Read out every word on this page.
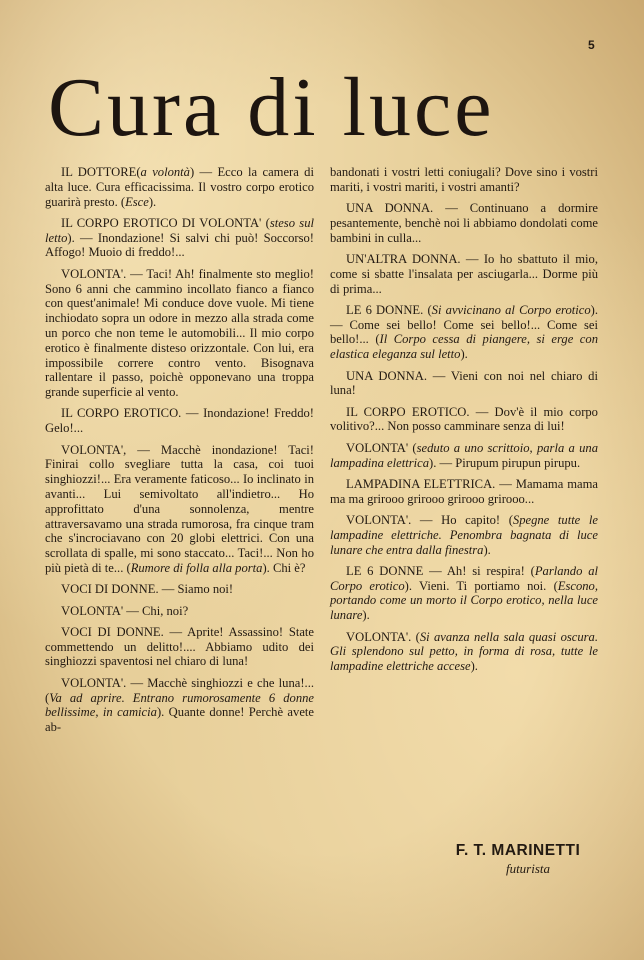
5
Cura di luce

IL DOTTORE(a volontà) — Ecco la camera di alta luce. Cura efficacissima. Il vostro corpo erotico guarirà presto. (Esce).

IL CORPO EROTICO DI VOLONTA' (steso sul letto). — Inondazione! Si salvi chi può! Soccorso! Affogo! Muoio di freddo!...

VOLONTA'. — Taci! Ah! finalmente sto meglio! Sono 6 anni che cammino incollato fianco a fianco con quest'animale! Mi conduce dove vuole. Mi tiene inchiodato sopra un odore in mezzo alla strada come un porco che non teme le automobili... Il mio corpo erotico è finalmente disteso orizzontale. Con lui, era impossibile correre contro vento. Bisognava rallentare il passo, poichè opponevano una troppa grande superficie al vento.

IL CORPO EROTICO. — Inondazione! Freddo! Gelo!...

VOLONTA', — Macchè inondazione! Taci! Finirai collo svegliare tutta la casa, coi tuoi singhiozzi!... Era veramente faticoso... Io inclinato in avanti... Lui semivoltato all'indietro... Ho approfittato d'una sonnolenza, mentre attraversavamo una strada rumorosa, fra cinque tram che s'incrociavano con 20 globi elettrici. Con una scrollata di spalle, mi sono staccato... Taci!... Non ho più pietà di te... (Rumore di folla alla porta). Chi è?

VOCI DI DONNE. — Siamo noi!

VOLONTA' — Chi, noi?

VOCI DI DONNE. — Aprite! Assassino! State commettendo un delitto!.... Abbiamo udito dei singhiozzi spaventosi nel chiaro di luna!

VOLONTA'. — Macchè singhiozzi e che luna!... (Va ad aprire. Entrano rumorosamente 6 donne bellissime, in camicia). Quante donne! Perchè avete ab-

bandonati i vostri letti coniugali? Dove sino i vostri mariti, i vostri mariti, i vostri amanti?

UNA DONNA. — Continuano a dormire pesantemente, benchè noi li abbiamo dondolati come bambini in culla...

UN'ALTRA DONNA. — Io ho sbattuto il mio, come si sbatte l'insalata per asciugarla... Dorme più di prima...

LE 6 DONNE. (Si avvicinano al Corpo erotico). — Come sei bello! Come sei bello!... Come sei bello!... (Il Corpo cessa di piangere, si erge con elastica eleganza sul letto).

UNA DONNA. — Vieni con noi nel chiaro di luna!

IL CORPO EROTICO. — Dov'è il mio corpo volitivo?... Non posso camminare senza di lui!

VOLONTA' (seduto a uno scrittoio, parla a una lampadina elettrica). — Pirupum pirupun pirupu.

LAMPADINA ELETTRICA. — Mamama mama ma ma grirooo grirooo grirooo grirooo...

VOLONTA'. — Ho capito! (Spegne tutte le lampadine elettriche. Penombra bagnata di luce lunare che entra dalla finestra).

LE 6 DONNE — Ah! si respira! (Parlando al Corpo erotico). Vieni. Ti portiamo noi. (Escono, portando come un morto il Corpo erotico, nella luce lunare).

VOLONTA'. (Si avanza nella sala quasi oscura. Gli splendono sul petto, in forma di rosa, tutte le lampadine elettriche accese).

F. T. MARINETTI
futurista
